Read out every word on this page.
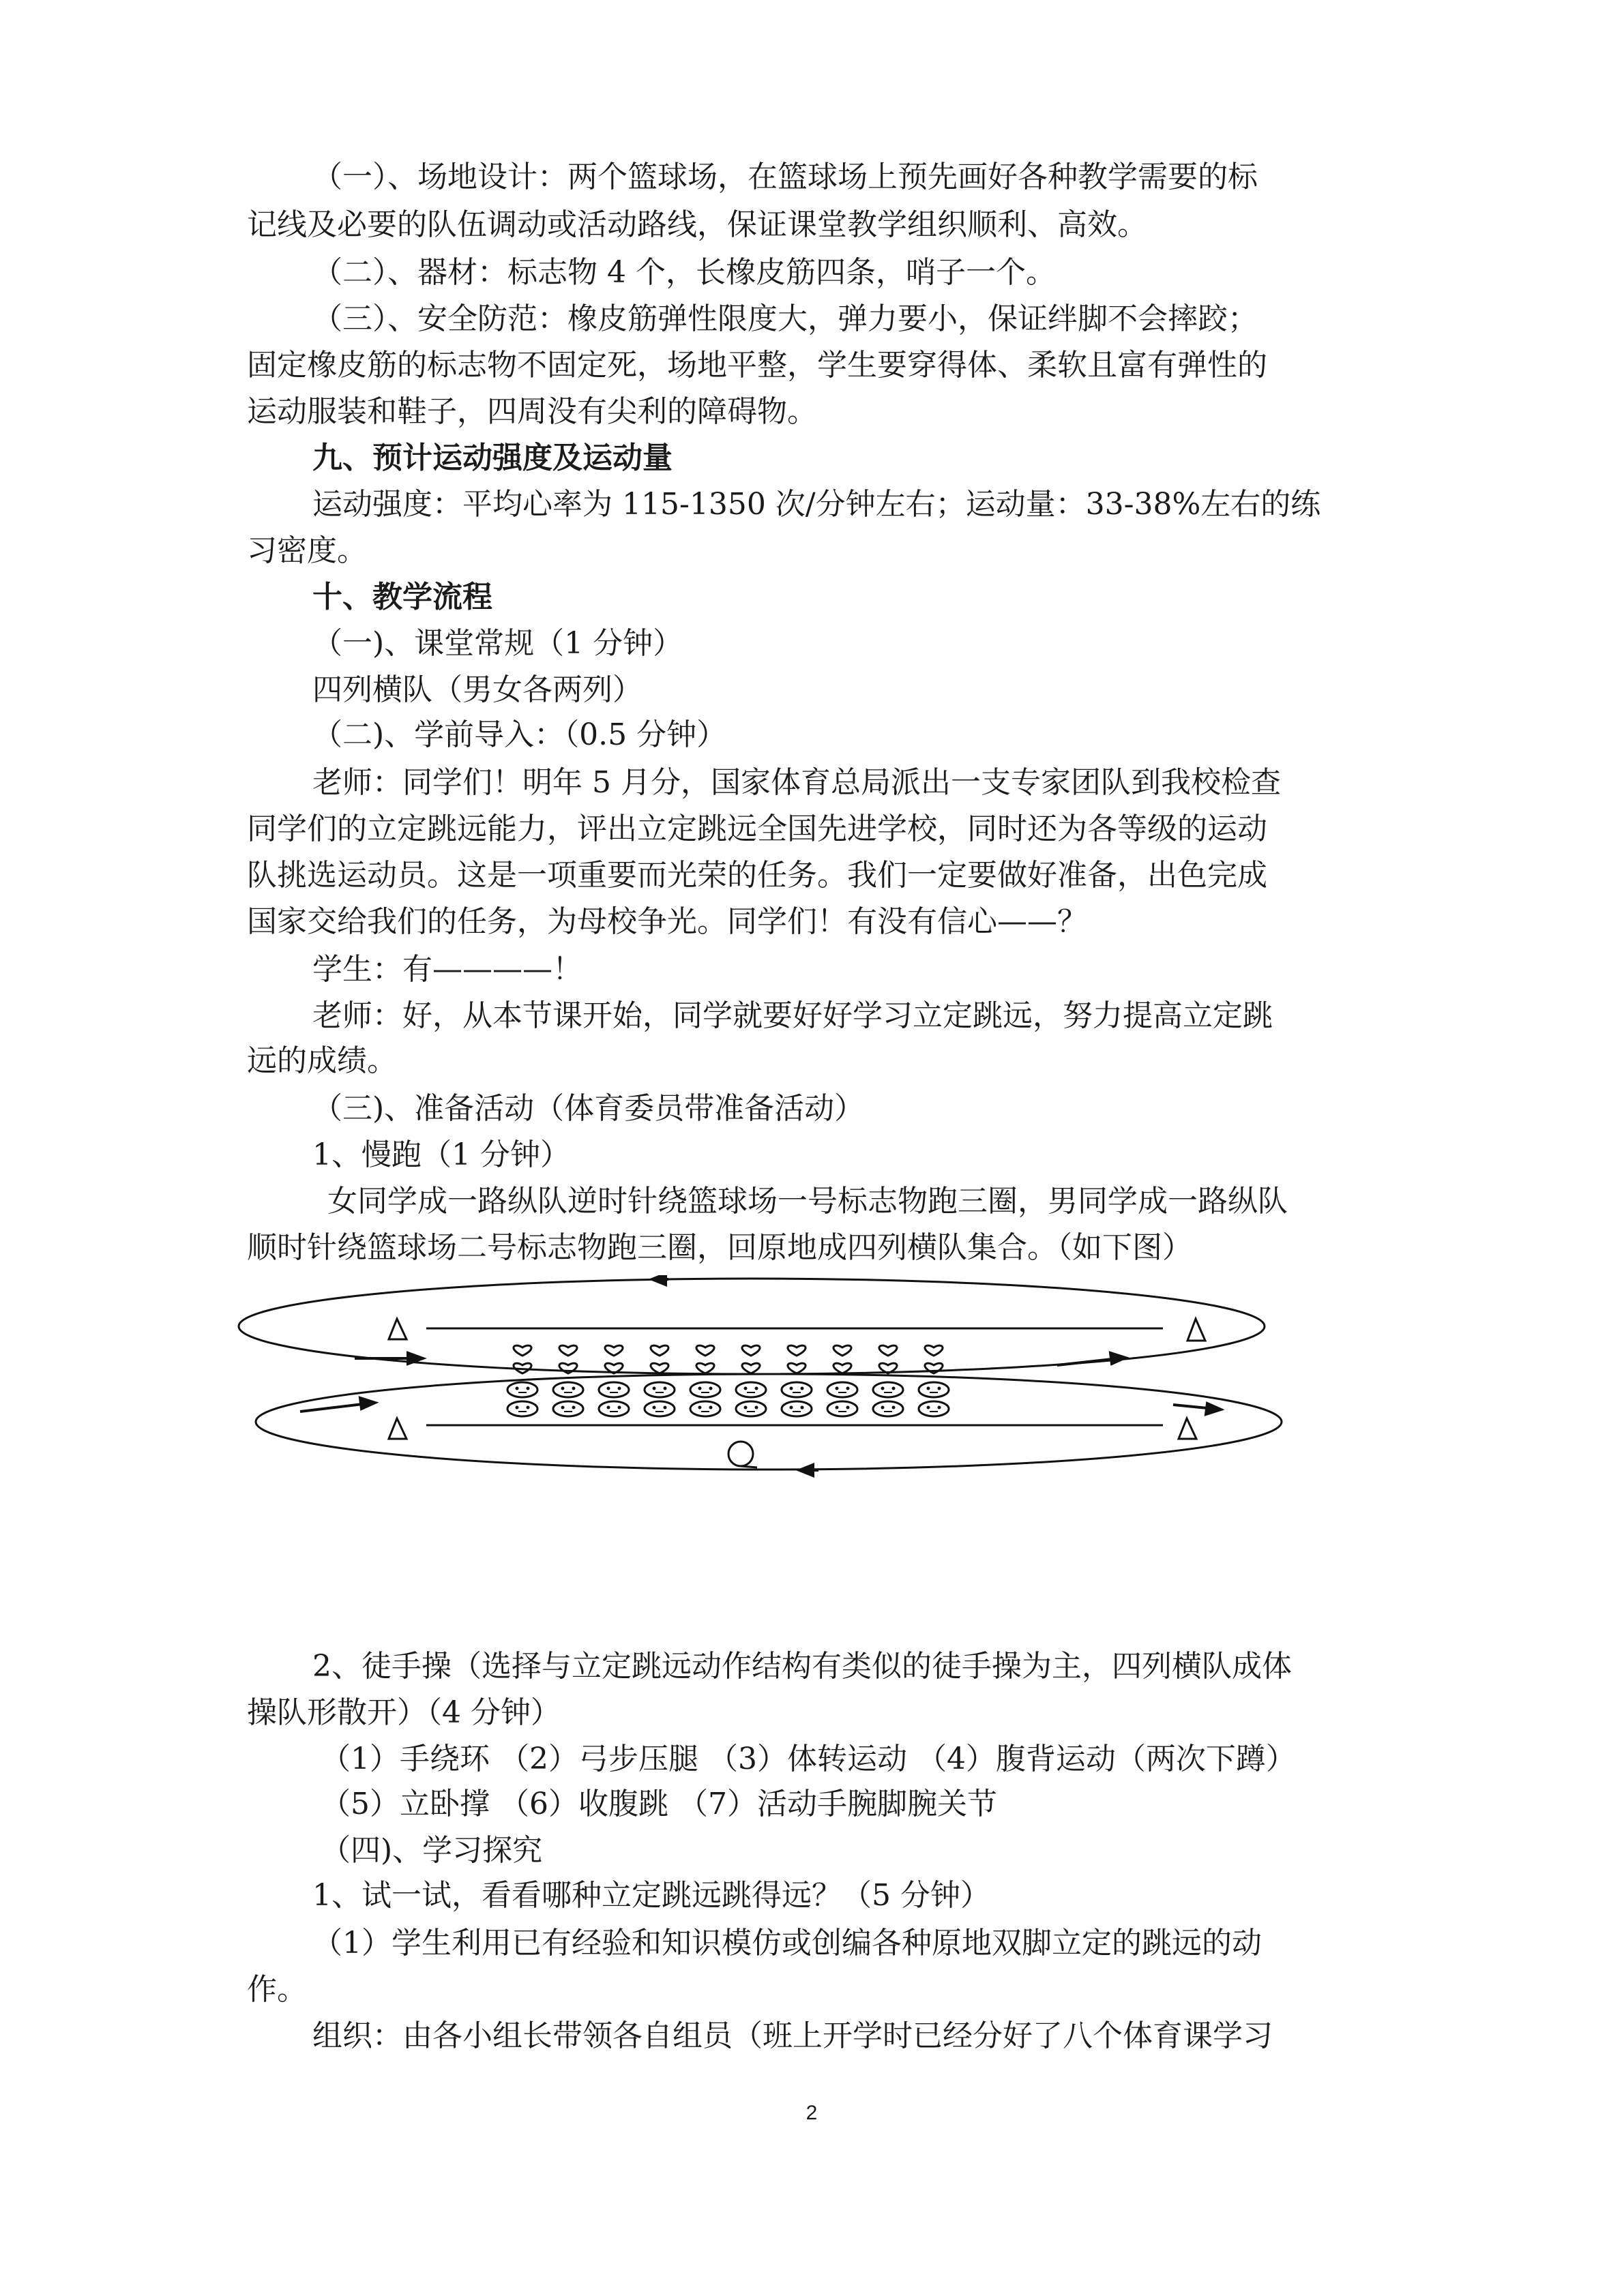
（一）、场地设计：两个篮球场，在篮球场上预先画好各种教学需要的标
记线及必要的队伍调动或活动路线，保证课堂教学组织顺利、高效。
（二）、器材：标志物 4 个，长橡皮筋四条，哨子一个。
（三）、安全防范：橡皮筋弹性限度大，弹力要小，保证绊脚不会摔跤；
固定橡皮筋的标志物不固定死，场地平整，学生要穿得体、柔软且富有弹性的
运动服装和鞋子，四周没有尖利的障碍物。
九、预计运动强度及运动量
运动强度：平均心率为 115-1350 次/分钟左右；运动量：33-38%左右的练
习密度。
十、教学流程
（一)、课堂常规（1 分钟）
四列横队（男女各两列）
（二)、学前导入：（0.5 分钟）
老师：同学们！明年 5 月分，国家体育总局派出一支专家团队到我校检查
同学们的立定跳远能力，评出立定跳远全国先进学校，同时还为各等级的运动
队挑选运动员。这是一项重要而光荣的任务。我们一定要做好准备，出色完成
国家交给我们的任务，为母校争光。同学们！有没有信心——？
学生：有————！
老师：好，从本节课开始，同学就要好好学习立定跳远，努力提高立定跳
远的成绩。
（三)、准备活动（体育委员带准备活动）
1、慢跑（1 分钟）
女同学成一路纵队逆时针绕篮球场一号标志物跑三圈，男同学成一路纵队
顺时针绕篮球场二号标志物跑三圈，回原地成四列横队集合。（如下图）
2、徒手操（选择与立定跳远动作结构有类似的徒手操为主，四列横队成体
操队形散开）（4 分钟）
（1）手绕环 （2）弓步压腿 （3）体转运动 （4）腹背运动（两次下蹲）
（5）立卧撑 （6）收腹跳 （7）活动手腕脚腕关节
（四)、学习探究
1、试一试，看看哪种立定跳远跳得远？（5 分钟）
（1）学生利用已有经验和知识模仿或创编各种原地双脚立定的跳远的动
作。
组织：由各小组长带领各自组员（班上开学时已经分好了八个体育课学习
2
